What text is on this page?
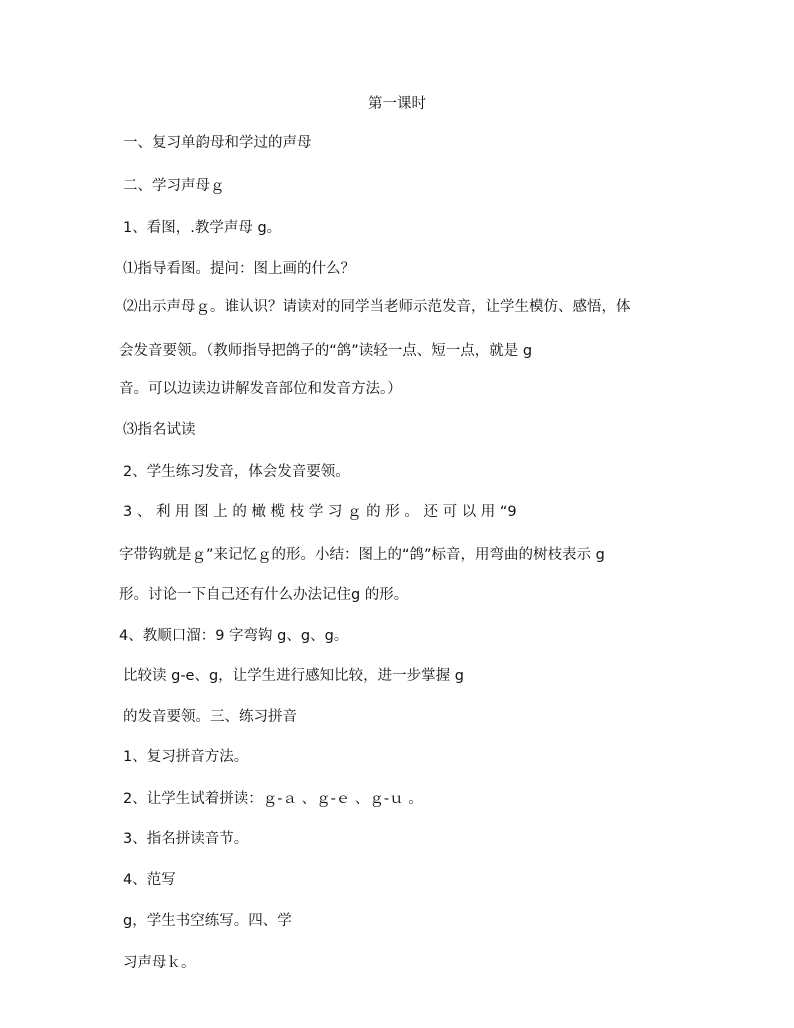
第一课时
一、复习单韵母和学过的声母
二、学习声母ｇ
1、看图，.教学声母 g。
⑴指导看图。提问：图上画的什么？
⑵出示声母ｇ。谁认识？请读对的同学当老师示范发音，让学生模仿、感悟，体
会发音要领。（教师指导把鸽子的“鸽”读轻一点、短一点，就是 g
音。可以边读边讲解发音部位和发音方法。）
⑶指名试读
2、学生练习发音，体会发音要领。
3 、 利 用 图 上 的 橄 榄 枝 学 习 ｇ 的 形 。 还 可 以 用 “9
字带钩就是ｇ”来记忆ｇ的形。小结：图上的“鸽”标音，用弯曲的树枝表示 g
形。讨论一下自己还有什么办法记住g 的形。
4、教顺口溜：9 字弯钩 g、g、g。
比较读 g-e、g，让学生进行感知比较，进一步掌握 g
的发音要领。三、练习拼音
1、复习拼音方法。
2、让学生试着拼读：ｇ-ａ 、ｇ-ｅ 、ｇ-ｕ 。
3、指名拼读音节。
4、范写
g，学生书空练写。四、学
习声母ｋ。
